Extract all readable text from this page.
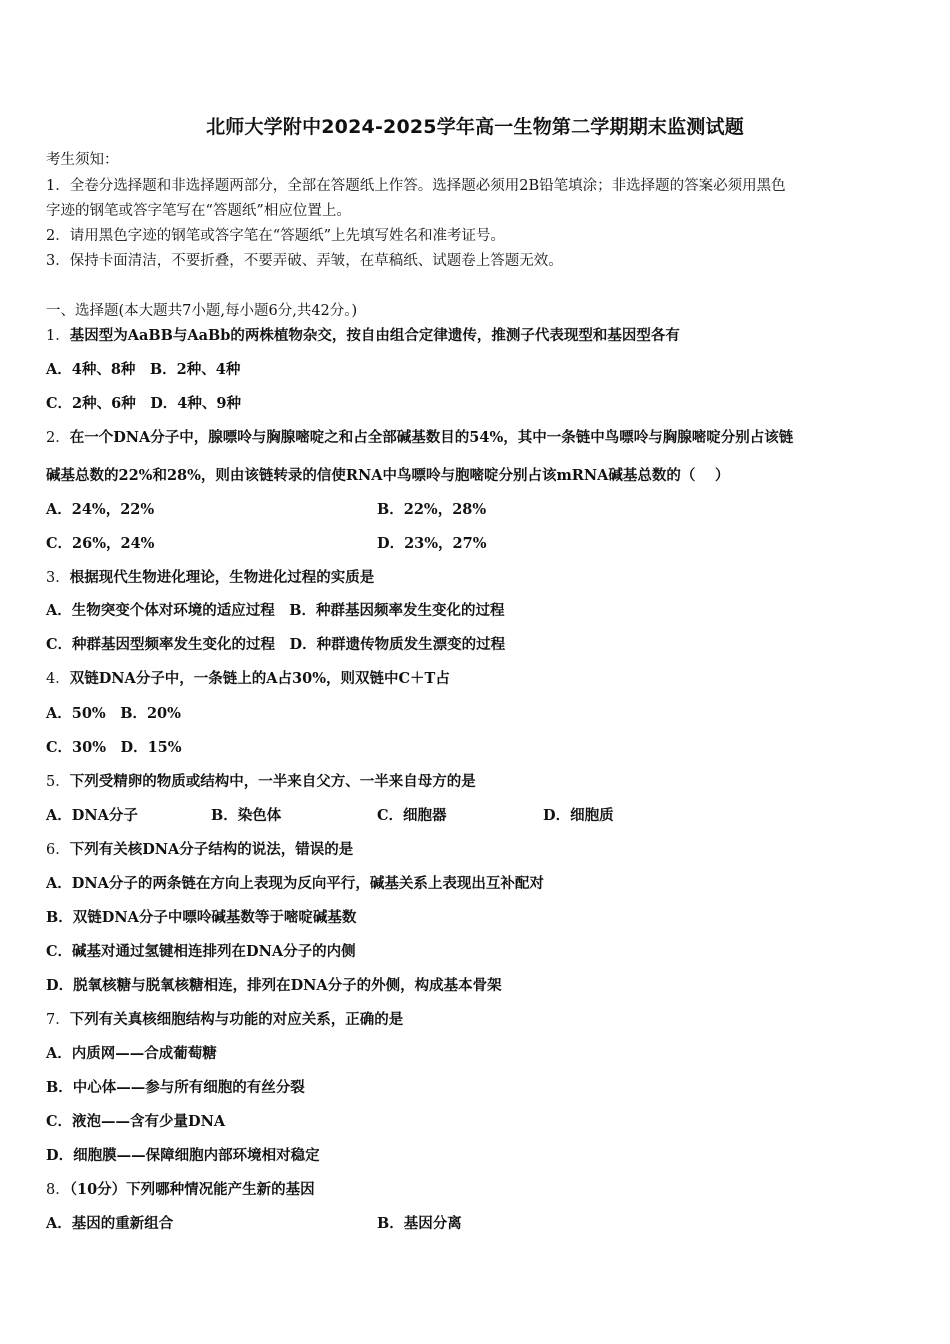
北师大学附中2024-2025学年高一生物第二学期期末监测试题
考生须知：
1．全卷分选择题和非选择题两部分，全部在答题纸上作答。选择题必须用2B铅笔填涂；非选择题的答案必须用黑色
字迹的钢笔或答字笔写在“答题纸”相应位置上。
2．请用黑色字迹的钢笔或答字笔在“答题纸”上先填写姓名和准考证号。
3．保持卡面清洁，不要折叠，不要弄破、弄皱，在草稿纸、试题卷上答题无效。
一、选择题(本大题共7小题,每小题6分,共42分。)
1．基因型为AaBB与AaBb的两株植物杂交，按自由组合定律遗传，推测子代表现型和基因型各有
A．4种、8种　B．2种、4种
C．2种、6种　D．4种、9种
2．在一个DNA分子中，腺嘌呤与胸腺嘧啶之和占全部碱基数目的54%，其中一条链中鸟嘌呤与胸腺嘧啶分别占该链
碱基总数的22%和28%，则由该链转录的信使RNA中鸟嘌呤与胞嘧啶分别占该mRNA碱基总数的（　 ）
A．24%，22%	B．22%，28%
C．26%，24%	D．23%，27%
3．根据现代生物进化理论，生物进化过程的实质是
A．生物突变个体对环境的适应过程　B．种群基因频率发生变化的过程
C．种群基因型频率发生变化的过程　D．种群遗传物质发生漂变的过程
4．双链DNA分子中，一条链上的A占30%，则双链中C＋T占
A．50%　B．20%
C．30%　D．15%
5．下列受精卵的物质或结构中，一半来自父方、一半来自母方的是
A．DNA分子	B．染色体	C．细胞器	D．细胞质
6．下列有关核DNA分子结构的说法，错误的是
A．DNA分子的两条链在方向上表现为反向平行，碱基关系上表现出互补配对
B．双链DNA分子中嘌呤碱基数等于嘧啶碱基数
C．碱基对通过氢键相连排列在DNA分子的内侧
D．脱氧核糖与脱氧核糖相连，排列在DNA分子的外侧，构成基本骨架
7．下列有关真核细胞结构与功能的对应关系，正确的是
A．内质网——合成葡萄糖
B．中心体——参与所有细胞的有丝分裂
C．液泡——含有少量DNA
D．细胞膜——保障细胞内部环境相对稳定
8．（10分）下列哪种情况能产生新的基因
A．基因的重新组合	B．基因分离
